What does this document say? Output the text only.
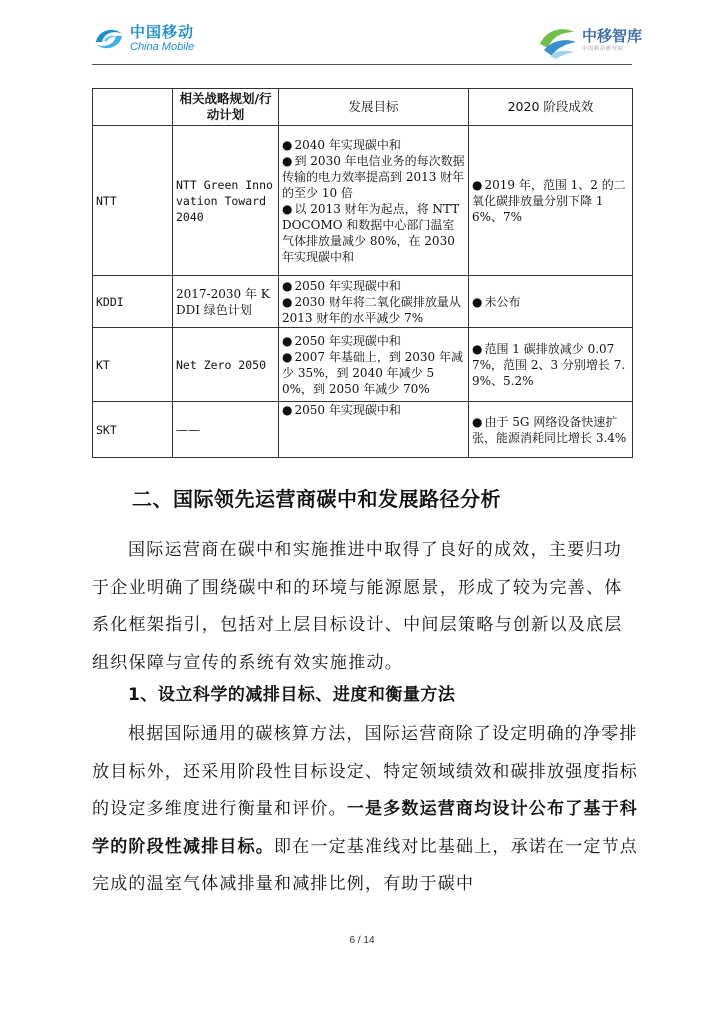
中国移动
China Mobile
中移智库
中国移动研究院
	相关战略规划/行动计划	发展目标	2020 阶段成效
NTT	NTT Green Innovation Toward 2040	● 2040 年实现碳中和
● 到 2030 年电信业务的每次数据传输的电力效率提高到 2013 财年的至少 10 倍
● 以 2013 财年为起点，将 NTT DOCOMO 和数据中心部门温室气体排放量减少 80%，在 2030 年实现碳中和	● 2019 年，范围 1、2 的二氧化碳排放量分别下降 16%、7%

KDDI	2017-2030 年 KDDI 绿色计划	● 2050 年实现碳中和
● 2030 财年将二氧化碳排放量从 2013 财年的水平减少 7%	● 未公布

KT	Net Zero 2050	● 2050 年实现碳中和
● 2007 年基础上，到 2030 年减少 35%，到 2040 年减少 50%，到 2050 年减少 70%	● 范围 1 碳排放减少 0.077%，范围 2、3 分别增长 7.9%、5.2%

SKT	——	● 2050 年实现碳中和	● 由于 5G 网络设备快速扩张，能源消耗同比增长 3.4%
二、国际领先运营商碳中和发展路径分析
国际运营商在碳中和实施推进中取得了良好的成效，主要归功于企业明确了围绕碳中和的环境与能源愿景，形成了较为完善、体系化框架指引，包括对上层目标设计、中间层策略与创新以及底层组织保障与宣传的系统有效实施推动。
1、设立科学的减排目标、进度和衡量方法
根据国际通用的碳核算方法，国际运营商除了设定明确的净零排放目标外，还采用阶段性目标设定、特定领域绩效和碳排放强度指标的设定多维度进行衡量和评价。一是多数运营商均设计公布了基于科学的阶段性减排目标。即在一定基准线对比基础上，承诺在一定节点完成的温室气体减排量和减排比例，有助于碳中
6 / 14
